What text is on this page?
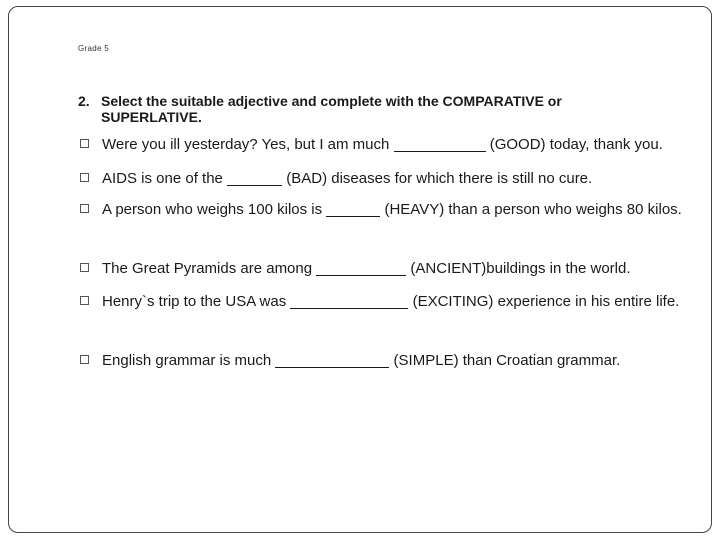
Grade 5
2. Select the suitable adjective and complete with the COMPARATIVE or SUPERLATIVE.
Were you ill yesterday? Yes, but I am much	(GOOD) today, thank you.
AIDS is one of the	(BAD) diseases for which there is still no cure.
A person who weighs 100 kilos is	(HEAVY) than a person who weighs 80 kilos.
The Great Pyramids are among	(ANCIENT)buildings in the world.
Henry`s trip to the USA was	(EXCITING) experience in his entire life.
English grammar is much	(SIMPLE) than Croatian grammar.
